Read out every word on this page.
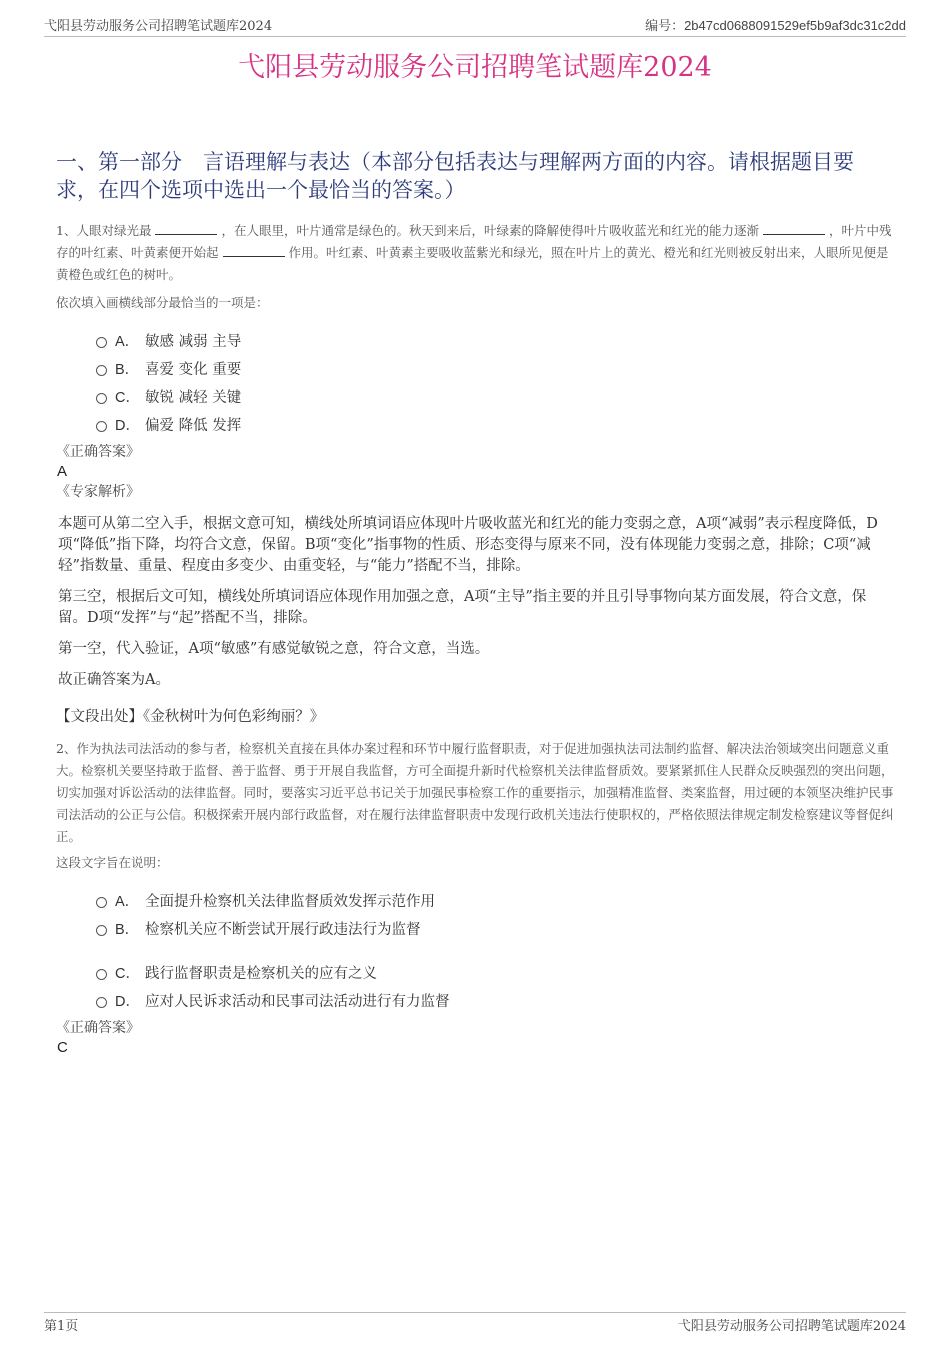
弋阳县劳动服务公司招聘笔试题库2024	编号：2b47cd0688091529ef5b9af3dc31c2dd
弋阳县劳动服务公司招聘笔试题库2024
一、第一部分　言语理解与表达（本部分包括表达与理解两方面的内容。请根据题目要求，在四个选项中选出一个最恰当的答案。）

1、人眼对绿光最	，在人眼里，叶片通常是绿色的。秋天到来后，叶绿素的降解使得叶片吸收蓝光和红光的能力逐渐	，叶片中残存的叶红素、叶黄素便开始起	作用。叶红素、叶黄素主要吸收蓝紫光和绿光，照在叶片上的黄光、橙光和红光则被反射出来，人眼所见便是黄橙色或红色的树叶。

依次填入画横线部分最恰当的一项是：

A． 敏感 减弱 主导
B． 喜爱 变化 重要
C． 敏锐 减轻 关键
D． 偏爱 降低 发挥

《正确答案》

A

《专家解析》

本题可从第二空入手，根据文意可知，横线处所填词语应体现叶片吸收蓝光和红光的能力变弱之意，A项“减弱”表示程度降低，D项“降低”指下降，均符合文意，保留。B项“变化”指事物的性质、形态变得与原来不同，没有体现能力变弱之意，排除；C项“减轻”指数量、重量、程度由多变少、由重变轻，与“能力”搭配不当，排除。

第三空，根据后文可知，横线处所填词语应体现作用加强之意，A项“主导”指主要的并且引导事物向某方面发展，符合文意，保留。D项“发挥”与“起”搭配不当，排除。

第一空，代入验证，A项“敏感”有感觉敏锐之意，符合文意，当选。

故正确答案为A。

【文段出处】《金秋树叶为何色彩绚丽？》

2、作为执法司法活动的参与者，检察机关直接在具体办案过程和环节中履行监督职责，对于促进加强执法司法制约监督、解决法治领域突出问题意义重大。检察机关要坚持敢于监督、善于监督、勇于开展自我监督，方可全面提升新时代检察机关法律监督质效。要紧紧抓住人民群众反映强烈的突出问题，切实加强对诉讼活动的法律监督。同时，要落实习近平总书记关于加强民事检察工作的重要指示，加强精准监督、类案监督，用过硬的本领坚决维护民事司法活动的公正与公信。积极探索开展内部行政监督，对在履行法律监督职责中发现行政机关违法行使职权的，严格依照法律规定制发检察建议等督促纠正。

这段文字旨在说明：

A． 全面提升检察机关法律监督质效发挥示范作用
B． 检察机关应不断尝试开展行政违法行为监督
C． 践行监督职责是检察机关的应有之义
D． 应对人民诉求活动和民事司法活动进行有力监督

《正确答案》

C

第1页	弋阳县劳动服务公司招聘笔试题库2024
